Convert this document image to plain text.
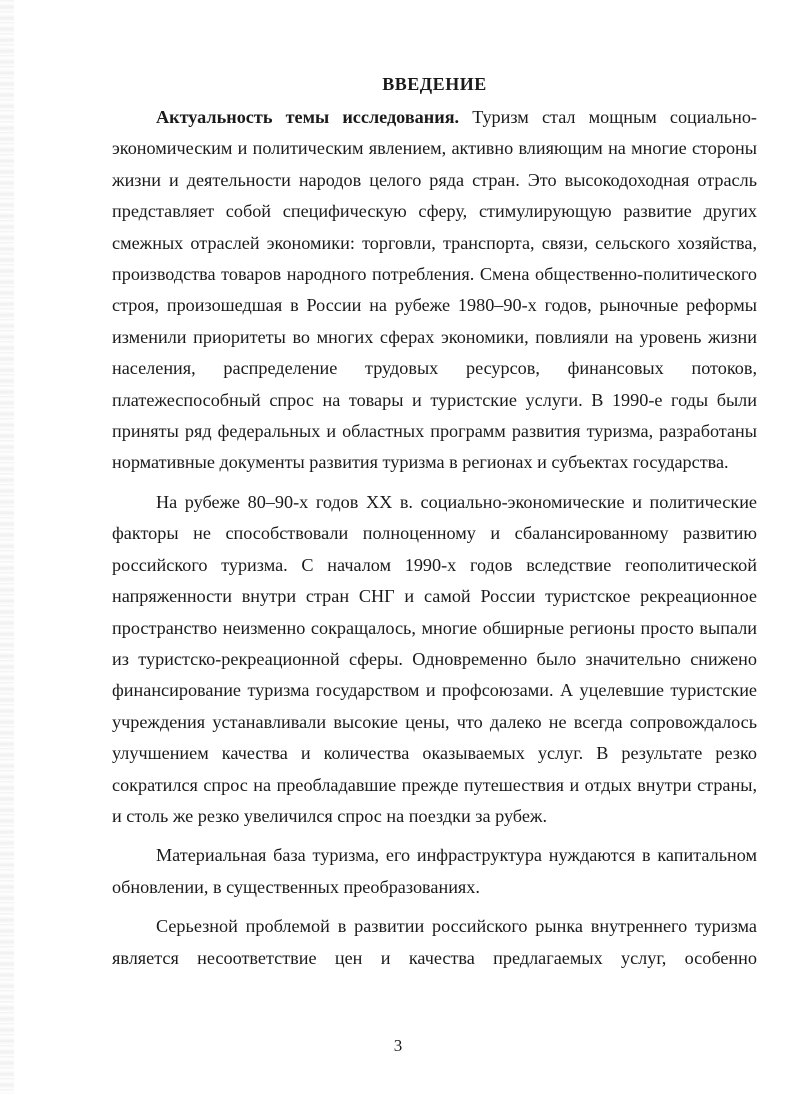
ВВЕДЕНИЕ

Актуальность темы исследования. Туризм стал мощным социально-экономическим и политическим явлением, активно влияющим на многие стороны жизни и деятельности народов целого ряда стран. Это высокодоходная отрасль представляет собой специфическую сферу, стимулирующую развитие других смежных отраслей экономики: торговли, транспорта, связи, сельского хозяйства, производства товаров народного потребления. Смена общественно-политического строя, произошедшая в России на рубеже 1980–90-х годов, рыночные реформы изменили приоритеты во многих сферах экономики, повлияли на уровень жизни населения, распределение трудовых ресурсов, финансовых потоков, платежеспособный спрос на товары и туристские услуги. В 1990-е годы были приняты ряд федеральных и областных программ развития туризма, разработаны нормативные документы развития туризма в регионах и субъектах государства.

На рубеже 80–90-х годов XX в. социально-экономические и политические факторы не способствовали полноценному и сбалансированному развитию российского туризма. С началом 1990-х годов вследствие геополитической напряженности внутри стран СНГ и самой России туристское рекреационное пространство неизменно сокращалось, многие обширные регионы просто выпали из туристско-рекреационной сферы. Одновременно было значительно снижено финансирование туризма государством и профсоюзами. А уцелевшие туристские учреждения устанавливали высокие цены, что далеко не всегда сопровождалось улучшением качества и количества оказываемых услуг. В результате резко сократился спрос на преобладавшие прежде путешествия и отдых внутри страны, и столь же резко увеличился спрос на поездки за рубеж.

Материальная база туризма, его инфраструктура нуждаются в капитальном обновлении, в существенных преобразованиях.

Серьезной проблемой в развитии российского рынка внутреннего туризма является несоответствие цен и качества предлагаемых услуг, особенно

3
